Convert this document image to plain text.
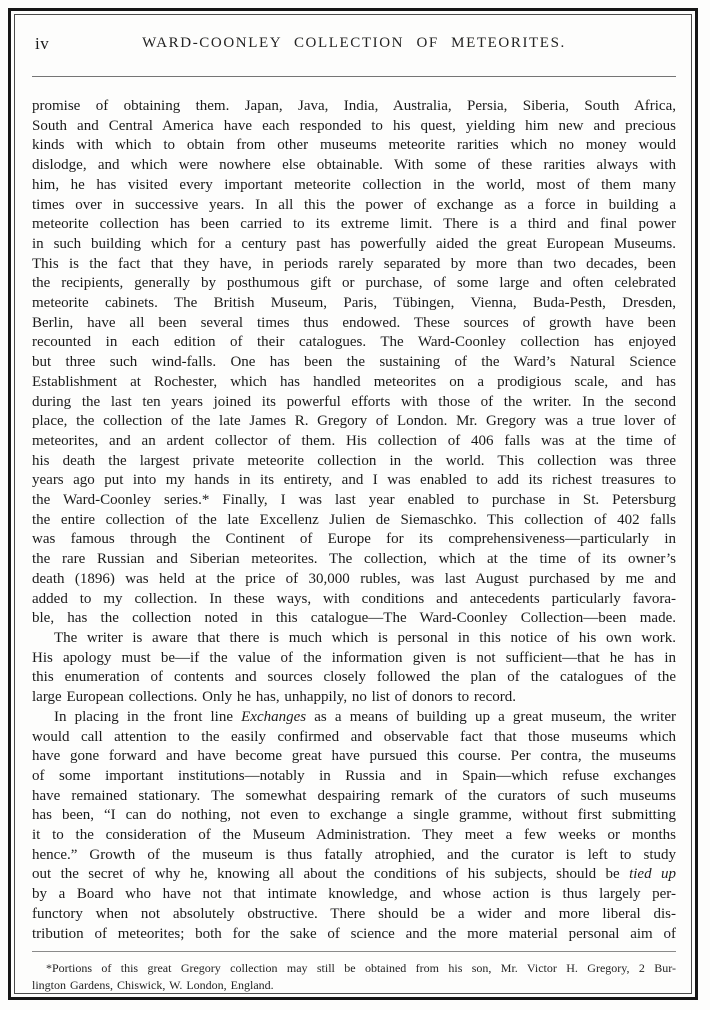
iv	WARD-COONLEY COLLECTION OF METEORITES.
promise of obtaining them. Japan, Java, India, Australia, Persia, Siberia, South Africa,
South and Central America have each responded to his quest, yielding him new and precious
kinds with which to obtain from other museums meteorite rarities which no money would
dislodge, and which were nowhere else obtainable. With some of these rarities always with
him, he has visited every important meteorite collection in the world, most of them many
times over in successive years. In all this the power of exchange as a force in building a
meteorite collection has been carried to its extreme limit. There is a third and final power
in such building which for a century past has powerfully aided the great European Museums.
This is the fact that they have, in periods rarely separated by more than two decades, been
the recipients, generally by posthumous gift or purchase, of some large and often celebrated
meteorite cabinets. The British Museum, Paris, Tübingen, Vienna, Buda-Pesth, Dresden,
Berlin, have all been several times thus endowed. These sources of growth have been
recounted in each edition of their catalogues. The Ward-Coonley collection has enjoyed
but three such wind-falls. One has been the sustaining of the Ward’s Natural Science
Establishment at Rochester, which has handled meteorites on a prodigious scale, and has
during the last ten years joined its powerful efforts with those of the writer. In the second
place, the collection of the late James R. Gregory of London. Mr. Gregory was a true lover of
meteorites, and an ardent collector of them. His collection of 406 falls was at the time of
his death the largest private meteorite collection in the world. This collection was three
years ago put into my hands in its entirety, and I was enabled to add its richest treasures to
the Ward-Coonley series.* Finally, I was last year enabled to purchase in St. Petersburg
the entire collection of the late Excellenz Julien de Siemaschko. This collection of 402 falls
was famous through the Continent of Europe for its comprehensiveness—particularly in
the rare Russian and Siberian meteorites. The collection, which at the time of its owner’s
death (1896) was held at the price of 30,000 rubles, was last August purchased by me and
added to my collection. In these ways, with conditions and antecedents particularly favora-
ble, has the collection noted in this catalogue—The Ward-Coonley Collection—been made.
The writer is aware that there is much which is personal in this notice of his own work.
His apology must be—if the value of the information given is not sufficient—that he has in
this enumeration of contents and sources closely followed the plan of the catalogues of the
large European collections. Only he has, unhappily, no list of donors to record.
In placing in the front line Exchanges as a means of building up a great museum, the writer
would call attention to the easily confirmed and observable fact that those museums which
have gone forward and have become great have pursued this course. Per contra, the museums
of some important institutions—notably in Russia and in Spain—which refuse exchanges
have remained stationary. The somewhat despairing remark of the curators of such museums
has been, “I can do nothing, not even to exchange a single gramme, without first submitting
it to the consideration of the Museum Administration. They meet a few weeks or months
hence.” Growth of the museum is thus fatally atrophied, and the curator is left to study
out the secret of why he, knowing all about the conditions of his subjects, should be tied up
by a Board who have not that intimate knowledge, and whose action is thus largely per-
functory when not absolutely obstructive. There should be a wider and more liberal dis-
tribution of meteorites; both for the sake of science and the more material personal aim of
*Portions of this great Gregory collection may still be obtained from his son, Mr. Victor H. Gregory, 2 Bur-
lington Gardens, Chiswick, W. London, England.
